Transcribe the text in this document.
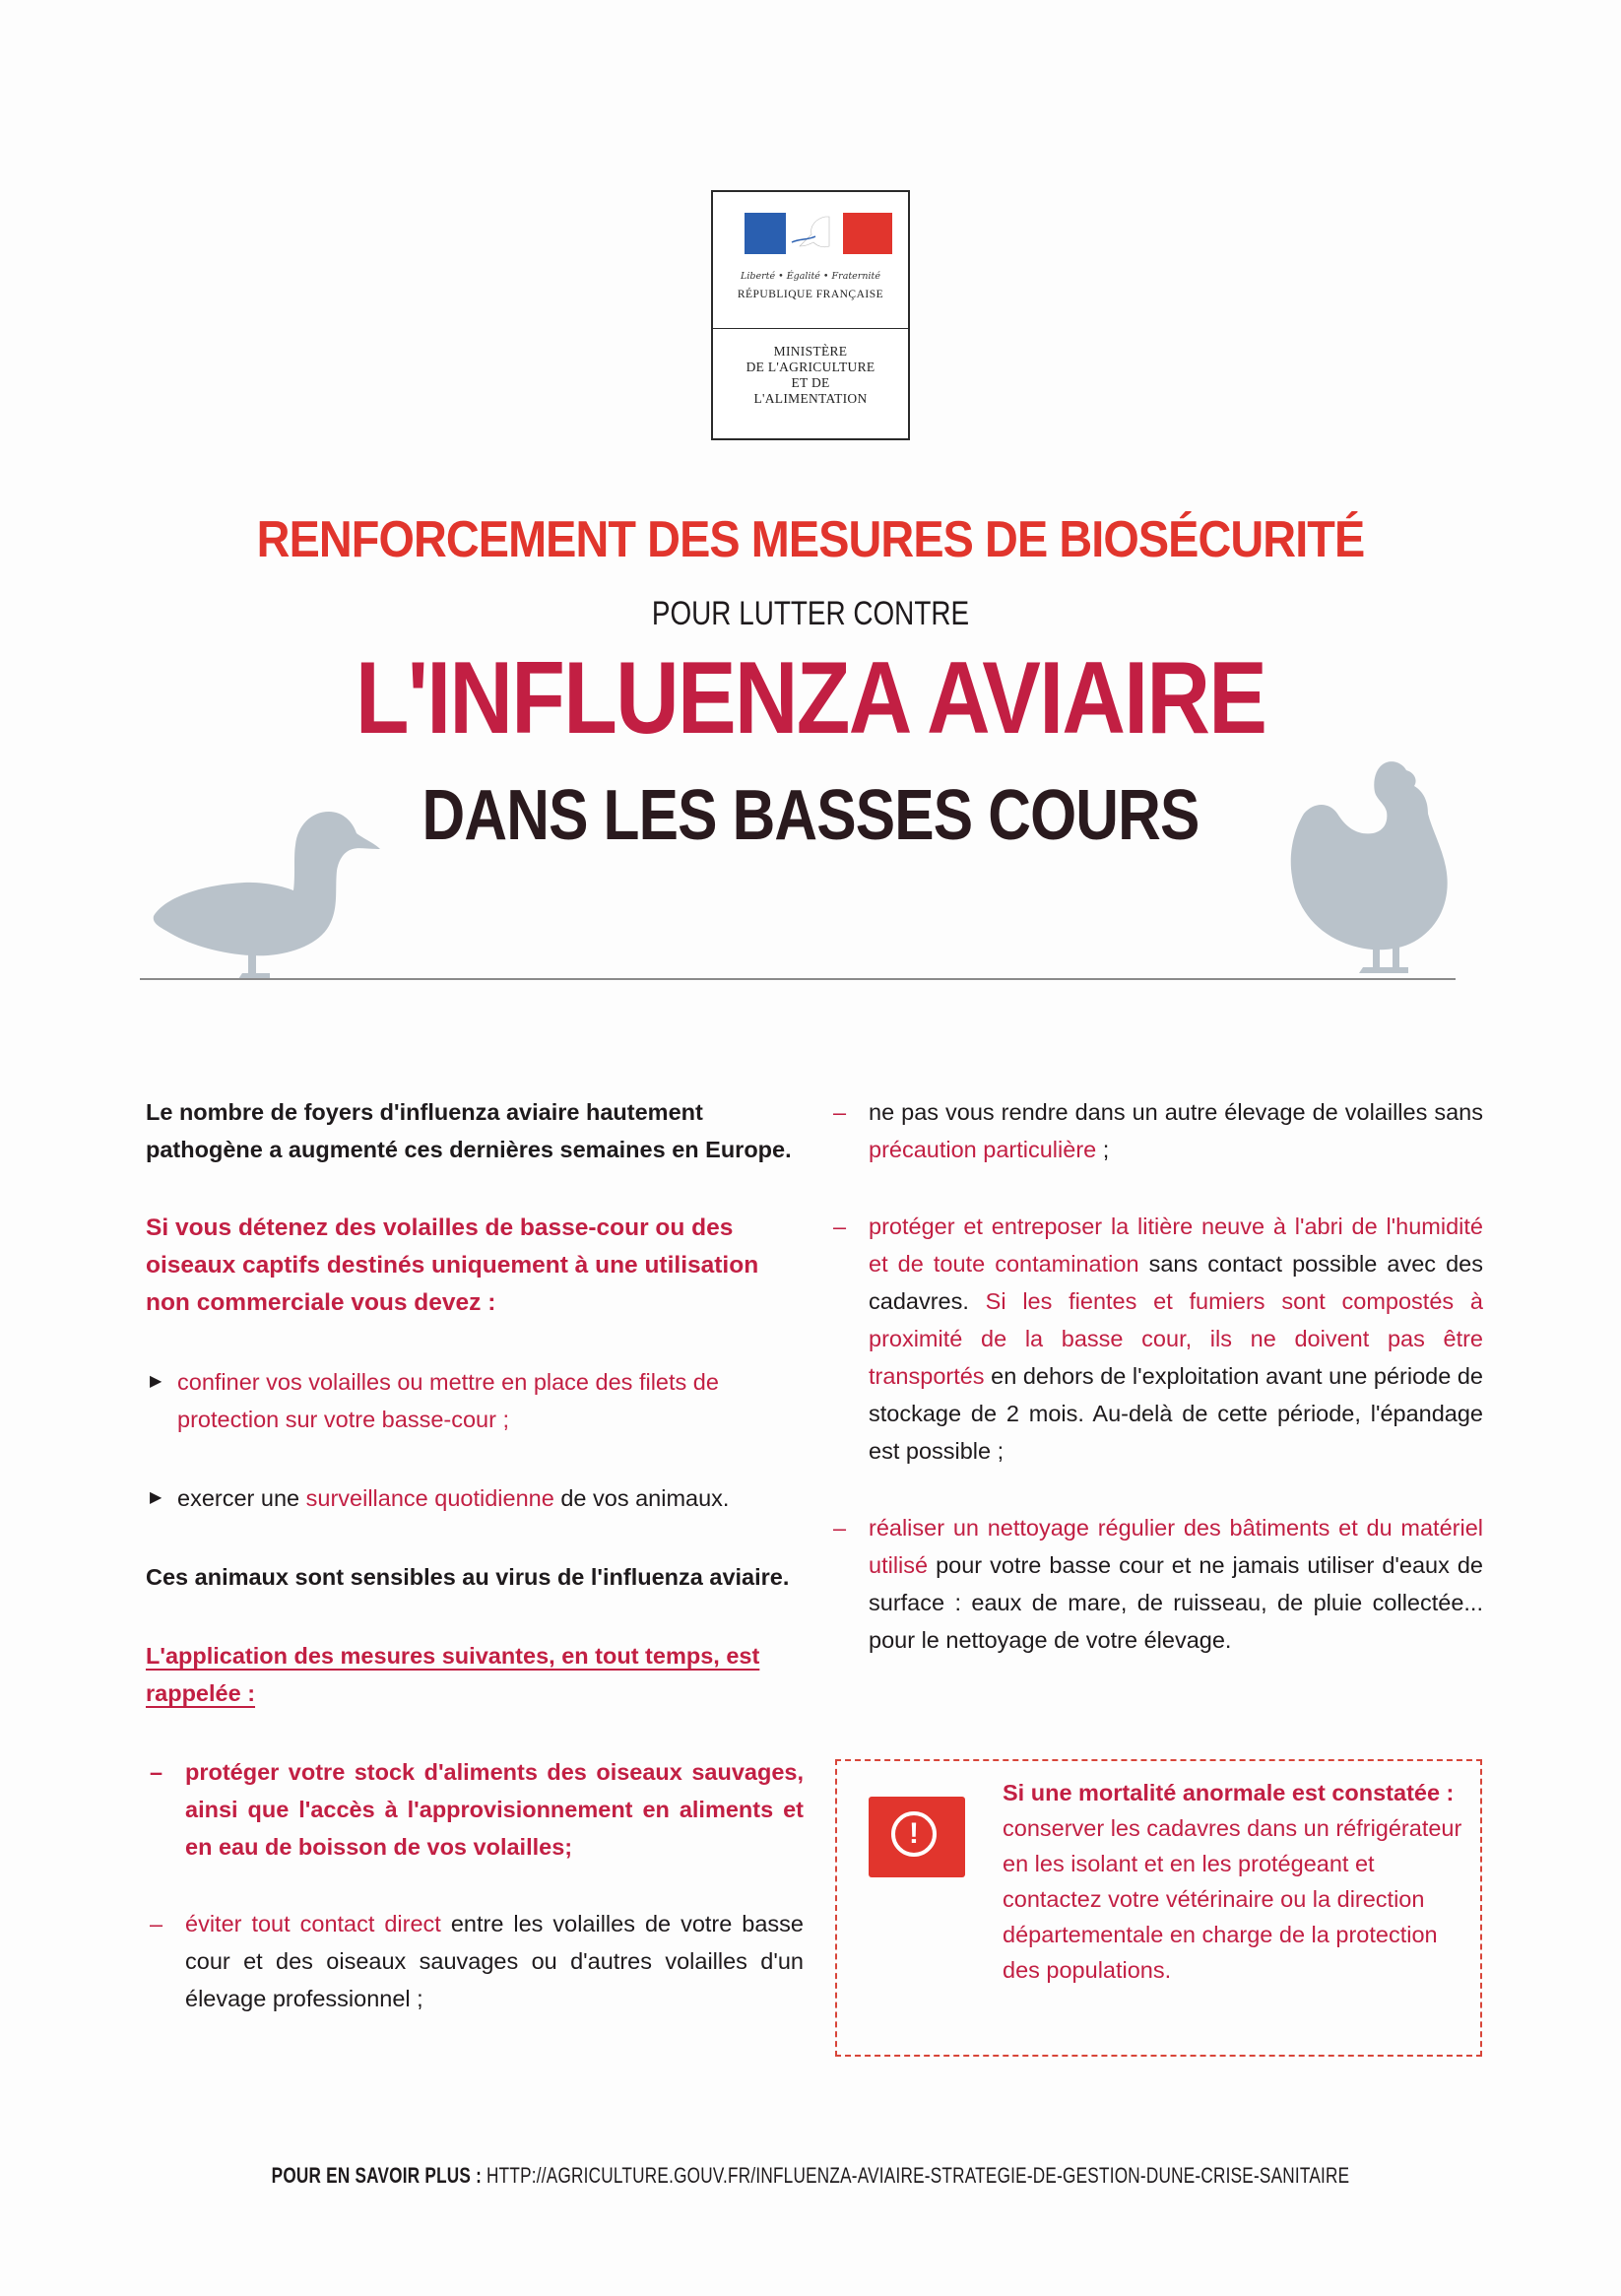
Liberté • Égalité • Fraternité
RÉPUBLIQUE FRANÇAISE
MINISTÈRE
DE L'AGRICULTURE
ET DE
L'ALIMENTATION
RENFORCEMENT DES MESURES DE BIOSÉCURITÉ
POUR LUTTER CONTRE
L'INFLUENZA AVIAIRE
DANS LES BASSES COURS

Le nombre de foyers d'influenza aviaire hautement pathogène a augmenté ces dernières semaines en Europe.

Si vous détenez des volailles de basse-cour ou des oiseaux captifs destinés uniquement à une utilisation non commerciale vous devez :

▶ confiner vos volailles ou mettre en place des filets de protection sur votre basse-cour ;

▶ exercer une surveillance quotidienne de vos animaux.

Ces animaux sont sensibles au virus de l'influenza aviaire.

L'application des mesures suivantes, en tout temps, est rappelée :

– protéger votre stock d'aliments des oiseaux sauvages, ainsi que l'accès à l'approvisionnement en aliments et en eau de boisson de vos volailles;

– éviter tout contact direct entre les volailles de votre basse cour et des oiseaux sauvages ou d'autres volailles d'un élevage professionnel ;

– ne pas vous rendre dans un autre élevage de volailles sans précaution particulière ;

– protéger et entreposer la litière neuve à l'abri de l'humidité et de toute contamination sans contact possible avec des cadavres. Si les fientes et fumiers sont compostés à proximité de la basse cour, ils ne doivent pas être transportés en dehors de l'exploitation avant une période de stockage de 2 mois. Au-delà de cette période, l'épandage est possible ;

– réaliser un nettoyage régulier des bâtiments et du matériel utilisé pour votre basse cour et ne jamais utiliser d'eaux de surface : eaux de mare, de ruisseau, de pluie collectée... pour le nettoyage de votre élevage.

!
Si une mortalité anormale est constatée : conserver les cadavres dans un réfrigérateur en les isolant et en les protégeant et contactez votre vétérinaire ou la direction départementale en charge de la protection des populations.
POUR EN SAVOIR PLUS : HTTP://AGRICULTURE.GOUV.FR/INFLUENZA-AVIAIRE-STRATEGIE-DE-GESTION-DUNE-CRISE-SANITAIRE
